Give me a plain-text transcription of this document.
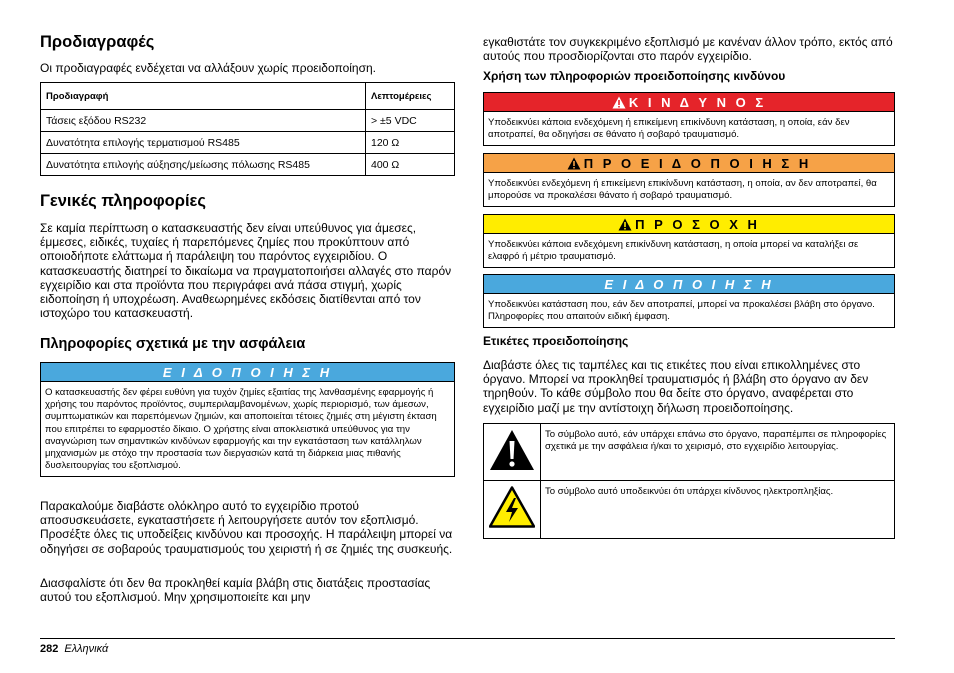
Προδιαγραφές

Οι προδιαγραφές ενδέχεται να αλλάξουν χωρίς προειδοποίηση.

Προδιαγραφή	Λεπτομέρειες
Τάσεις εξόδου RS232	> ±5 VDC
Δυνατότητα επιλογής τερματισμού RS485	120 Ω
Δυνατότητα επιλογής αύξησης/μείωσης πόλωσης RS485	400 Ω
Γενικές πληροφορίες

Σε καμία περίπτωση ο κατασκευαστής δεν είναι υπεύθυνος για άμεσες, έμμεσες, ειδικές, τυχαίες ή παρεπόμενες ζημίες που προκύπτουν από οποιοδήποτε ελάττωμα ή παράλειψη του παρόντος εγχειριδίου. Ο κατασκευαστής διατηρεί το δικαίωμα να πραγματοποιήσει αλλαγές στο παρόν εγχειρίδιο και στα προϊόντα που περιγράφει ανά πάσα στιγμή, χωρίς ειδοποίηση ή υποχρέωση. Αναθεωρημένες εκδόσεις διατίθενται από τον ιστοχώρο του κατασκευαστή.

Πληροφορίες σχετικά με την ασφάλεια
Ε Ι Δ Ο Π Ο Ι Η Σ Η
Ο κατασκευαστής δεν φέρει ευθύνη για τυχόν ζημίες εξαιτίας της λανθασμένης εφαρμογής ή χρήσης του παρόντος προϊόντος, συμπεριλαμβανομένων, χωρίς περιορισμό, των άμεσων, συμπτωματικών και παρεπόμενων ζημιών, και αποποιείται τέτοιες ζημιές στη μέγιστη έκταση που επιτρέπει το εφαρμοστέο δίκαιο. Ο χρήστης είναι αποκλειστικά υπεύθυνος για την αναγνώριση των σημαντικών κινδύνων εφαρμογής και την εγκατάσταση των κατάλληλων μηχανισμών με στόχο την προστασία των διεργασιών κατά τη διάρκεια μιας πιθανής δυσλειτουργίας του εξοπλισμού.

Παρακαλούμε διαβάστε ολόκληρο αυτό το εγχειρίδιο προτού αποσυσκευάσετε, εγκαταστήσετε ή λειτουργήσετε αυτόν τον εξοπλισμό. Προσέξτε όλες τις υποδείξεις κινδύνου και προσοχής. Η παράλειψη μπορεί να οδηγήσει σε σοβαρούς τραυματισμούς του χειριστή ή σε ζημιές της συσκευής.

Διασφαλίστε ότι δεν θα προκληθεί καμία βλάβη στις διατάξεις προστασίας αυτού του εξοπλισμού. Μην χρησιμοποιείτε και μην

εγκαθιστάτε τον συγκεκριμένο εξοπλισμό με κανέναν άλλον τρόπο, εκτός από αυτούς που προσδιορίζονται στο παρόν εγχειρίδιο.

Χρήση των πληροφοριών προειδοποίησης κινδύνου
Κ Ι Ν Δ Υ Ν Ο Σ
Υποδεικνύει κάποια ενδεχόμενη ή επικείμενη επικίνδυνη κατάσταση, η οποία, εάν δεν αποτραπεί, θα οδηγήσει σε θάνατο ή σοβαρό τραυματισμό.
Π Ρ Ο Ε Ι Δ Ο Π Ο Ι Η Σ Η
Υποδεικνύει ενδεχόμενη ή επικείμενη επικίνδυνη κατάσταση, η οποία, αν δεν αποτραπεί, θα μπορούσε να προκαλέσει θάνατο ή σοβαρό τραυματισμό.
Π Ρ Ο Σ Ο Χ Η
Υποδεικνύει κάποια ενδεχόμενη επικίνδυνη κατάσταση, η οποία μπορεί να καταλήξει σε ελαφρό ή μέτριο τραυματισμό.
Ε Ι Δ Ο Π Ο Ι Η Σ Η
Υποδεικνύει κατάσταση που, εάν δεν αποτραπεί, μπορεί να προκαλέσει βλάβη στο όργανο. Πληροφορίες που απαιτούν ειδική έμφαση.
Ετικέτες προειδοποίησης

Διαβάστε όλες τις ταμπέλες και τις ετικέτες που είναι επικολλημένες στο όργανο. Μπορεί να προκληθεί τραυματισμός ή βλάβη στο όργανο αν δεν τηρηθούν. Το κάθε σύμβολο που θα δείτε στο όργανο, αναφέρεται στο εγχειρίδιο μαζί με την αντίστοιχη δήλωση προειδοποίησης.

	Το σύμβολο αυτό, εάν υπάρχει επάνω στο όργανο, παραπέμπει σε πληροφορίες σχετικά με την ασφάλεια ή/και το χειρισμό, στο εγχειρίδιο λειτουργίας.
	Το σύμβολο αυτό υποδεικνύει ότι υπάρχει κίνδυνος ηλεκτροπληξίας.
282 Ελληνικά
